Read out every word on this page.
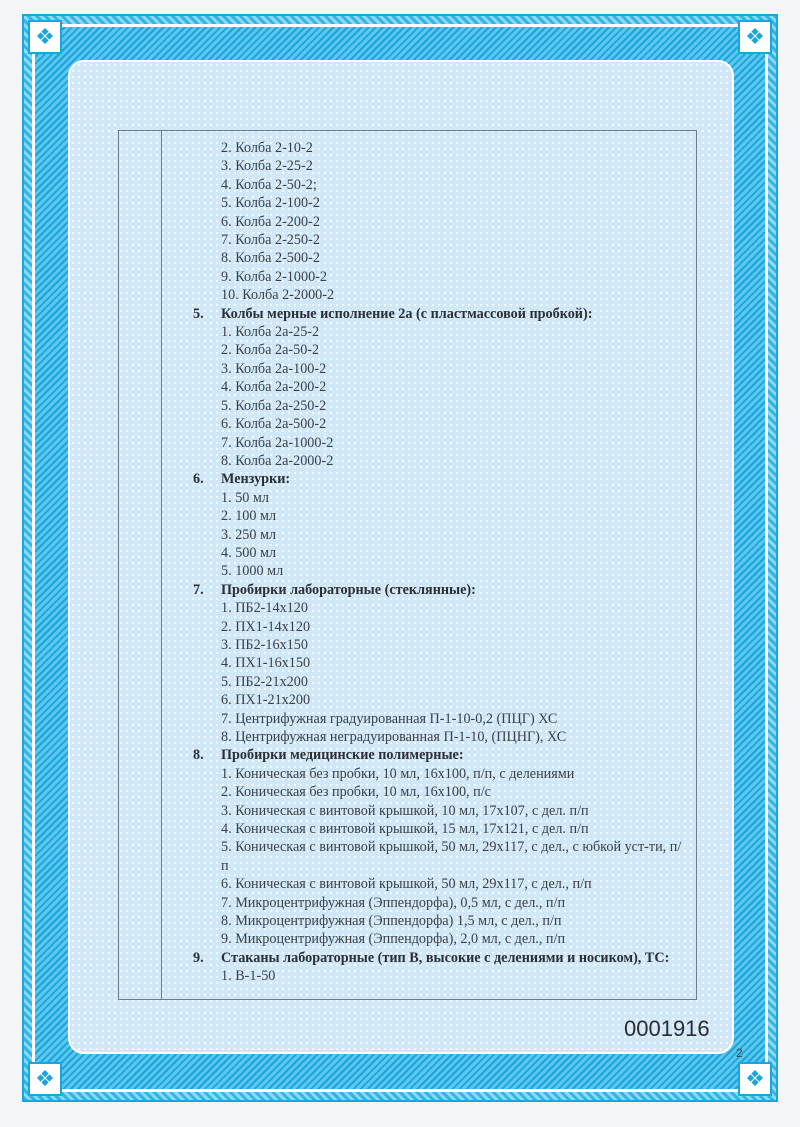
❖	❖
❖	❖
2. Колба 2-10-2
3. Колба 2-25-2
4. Колба 2-50-2;
5. Колба 2-100-2
6. Колба 2-200-2
7. Колба 2-250-2
8. Колба 2-500-2
9. Колба 2-1000-2
10. Колба 2-2000-2
5.	Колбы мерные исполнение 2а (с пластмассовой пробкой):
1. Колба 2а-25-2
2. Колба 2а-50-2
3. Колба 2а-100-2
4. Колба 2а-200-2
5. Колба 2а-250-2
6. Колба 2а-500-2
7. Колба 2а-1000-2
8. Колба 2а-2000-2
6.	Мензурки:
1. 50 мл
2. 100 мл
3. 250 мл
4. 500 мл
5. 1000 мл
7.	Пробирки лабораторные (стеклянные):
1. ПБ2-14х120
2. ПХ1-14х120
3. ПБ2-16х150
4. ПХ1-16х150
5. ПБ2-21х200
6. ПХ1-21х200
7. Центрифужная градуированная П-1-10-0,2 (ПЦГ) ХС
8. Центрифужная неградуированная П-1-10, (ПЦНГ), ХС
8.	Пробирки медицинские полимерные:
1. Коническая без пробки, 10 мл, 16х100, п/п, с делениями
2. Коническая без пробки, 10 мл, 16х100, п/с
3. Коническая с винтовой крышкой, 10 мл, 17х107, с дел. п/п
4. Коническая с винтовой крышкой, 15 мл, 17х121, с дел. п/п
5. Коническая с винтовой крышкой, 50 мл, 29х117, с дел., с юбкой уст-ти, п/п
6. Коническая с винтовой крышкой, 50 мл, 29х117, с дел., п/п
7. Микроцентрифужная (Эппендорфа), 0,5 мл, с дел., п/п
8. Микроцентрифужная (Эппендорфа) 1,5 мл, с дел., п/п
9. Микроцентрифужная (Эппендорфа), 2,0 мл, с дел., п/п
9.	Стаканы лабораторные (тип В, высокие с делениями и носиком), ТС:
1. В-1-50
0001916
2
